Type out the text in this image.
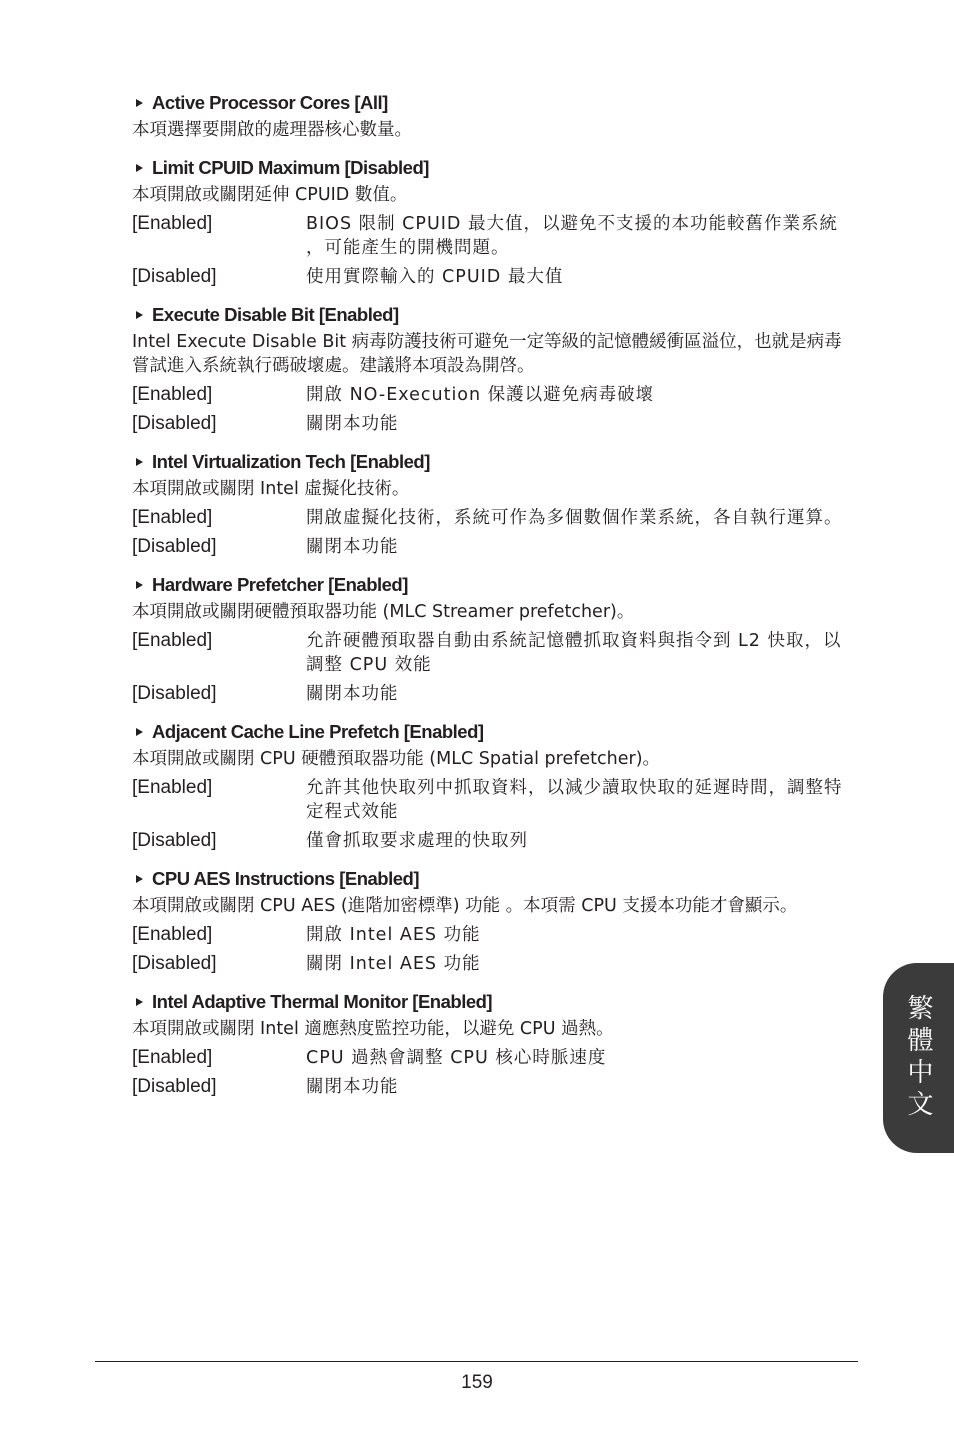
Active Processor Cores [All]
本項選擇要開啟的處理器核心數量。
Limit CPUID Maximum [Disabled]
本項開啟或關閉延伸 CPUID 數值。
[Enabled]	BIOS 限制 CPUID 最大值，以避免不支援的本功能較舊作業系統 ，可能產生的開機問題。
[Disabled]	使用實際輸入的 CPUID 最大值
Execute Disable Bit [Enabled]
Intel Execute Disable Bit 病毒防護技術可避免一定等級的記憶體緩衝區溢位，也就是病毒嘗試進入系統執行碼破壞處。建議將本項設為開啓。
[Enabled]	開啟 NO-Execution 保護以避免病毒破壞
[Disabled]	關閉本功能
Intel Virtualization Tech [Enabled]
本項開啟或關閉 Intel 虛擬化技術。
[Enabled]	開啟虛擬化技術，系統可作為多個數個作業系統，各自執行運算。
[Disabled]	關閉本功能
Hardware Prefetcher [Enabled]
本項開啟或關閉硬體預取器功能 (MLC Streamer prefetcher)。
[Enabled]	允許硬體預取器自動由系統記憶體抓取資料與指令到 L2 快取，以調整 CPU 效能
[Disabled]	關閉本功能
Adjacent Cache Line Prefetch [Enabled]
本項開啟或關閉 CPU 硬體預取器功能 (MLC Spatial prefetcher)。
[Enabled]	允許其他快取列中抓取資料，以減少讀取快取的延遲時間，調整特定程式效能
[Disabled]	僅會抓取要求處理的快取列
CPU AES Instructions [Enabled]
本項開啟或關閉 CPU AES (進階加密標準) 功能 。本項需 CPU 支援本功能才會顯示。
[Enabled]	開啟 Intel AES 功能
[Disabled]	關閉 Intel AES 功能
Intel Adaptive Thermal Monitor [Enabled]
本項開啟或關閉 Intel 適應熱度監控功能，以避免 CPU 過熱。
[Enabled]	CPU 過熱會調整 CPU 核心時脈速度
[Disabled]	關閉本功能	繁體中文
159
